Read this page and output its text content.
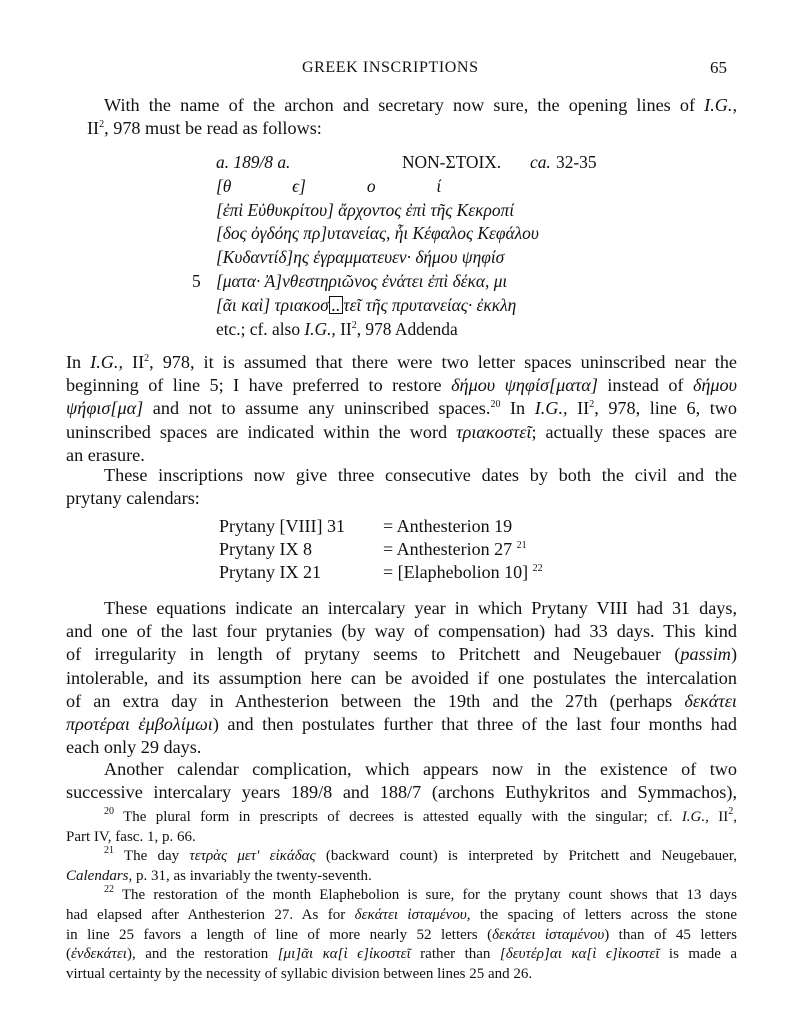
GREEK INSCRIPTIONS	65
With the name of the archon and secretary now sure, the opening lines of I.G.,
$II^2$, 978 must be read as follows:
a. 189/8 a.	NON-ΣΤΟΙΧ. ca. 32-35
[θ              ϵ]              ο              ί
[ἐπὶ Εὐθυκρίτου] ἄρχοντος ἐπὶ τῆς Κεκροπί
[δος ὀγδόης πρ]υτανείας, ἧι Κέφαλος Κεφάλου
[Κυδαντίδ]ης ἐγραμματευεν· δήμου ψηφίσ
5 [ματα· Ἀ]νθεστηριῶνος ἐνάτει ἐπὶ δέκα, μι
[ᾶι καὶ] τριακοσ .. τεῖ τῆς πρυτανείας· ἐκκλη
etc.; cf. also I.G., $II^2$, 978 Addenda
In I.G., $II^2$, 978, it is assumed that there were two letter spaces uninscribed near the
beginning of line 5; I have preferred to restore δήμου ψηφίσ[ματα] instead of δήμου
ψήφισ[μα] and not to assume any uninscribed spaces.$^{20}$ In I.G., $II^2$, 978, line 6, two
uninscribed spaces are indicated within the word τριακοστεῖ; actually these spaces are
an erasure.
These inscriptions now give three consecutive dates by both the civil and the
prytany calendars:
Prytany [VIII] 31 = Anthesterion 19
Prytany IX 8	= Anthesterion 27 $^{21}$
Prytany IX 21	= [Elaphebolion 10] $^{22}$
These equations indicate an intercalary year in which Prytany VIII had 31 days,
and one of the last four prytanies (by way of compensation) had 33 days. This kind
of irregularity in length of prytany seems to Pritchett and Neugebauer (passim)
intolerable, and its assumption here can be avoided if one postulates the intercalation
of an extra day in Anthesterion between the 19th and the 27th (perhaps δεκάτει
προτέραι ἐμβολίμωι) and then postulates further that three of the last four months had
each only 29 days.
Another calendar complication, which appears now in the existence of two
successive intercalary years 189/8 and 188/7 (archons Euthykritos and Symmachos),
$^{20}$ The plural form in prescripts of decrees is attested equally with the singular; cf. I.G., $II^2$,
Part IV, fasc. 1, p. 66.
$^{21}$ The day τετρὰς μετ' εἰκάδας (backward count) is interpreted by Pritchett and Neugebauer,
Calendars, p. 31, as invariably the twenty-seventh.
$^{22}$ The restoration of the month Elaphebolion is sure, for the prytany count shows that 13 days
had elapsed after Anthesterion 27. As for δεκάτει ἱσταμένου, the spacing of letters across the stone
in line 25 favors a length of line of more nearly 52 letters (δεκάτει ἱσταμένου) than of 45 letters
(ἐνδεκάτει), and the restoration [μι]ᾶι κα[ὶ ϵ]ἰκοστεῖ rather than [δευτέρ]αι κα[ὶ ϵ]ἰκοστεῖ is made a
virtual certainty by the necessity of syllabic division between lines 25 and 26.
